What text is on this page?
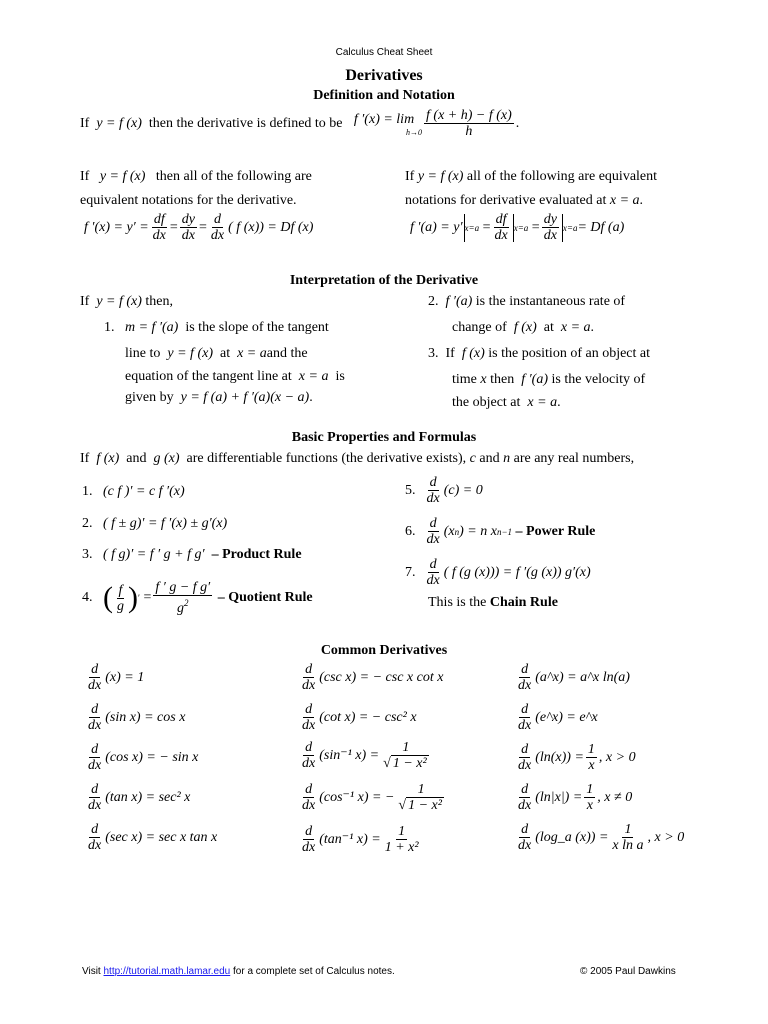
Calculus Cheat Sheet
Derivatives
Definition and Notation
If
y = f (x)
then the derivative is defined to be
f ′(x) = lim
$h\to 0 \frac{f (x + h) - f (x)}{h}$ .
If y = f (x) then all of the following are
equivalent notations for the derivative.
f $'(x) = y' = \frac{df}{dx} = \frac{dy}{dx} = \frac{d}{dx}$ ( f (x)) = Df (x)
If y = f (x) all of the following are equivalent
notations for derivative evaluated at x = a.
f ′(a) = y′ $x=a = \frac{df}{dx} x=a = \frac{dy}{dx} x=a = Df$ (a)
Interpretation of the Derivative
If y = f (x) then,
1. m = f ′(a) is the slope of the tangent
line to y = f (x) at x = aand the
equation of the tangent line at x = a is
given by y = f (a) + f ′(a)(x − a).
2. f ′(a) is the instantaneous rate of
change of f (x) at x = a.
3. If f (x) is the position of an object at
time x then f ′(a) is the velocity of
the object at x = a.
Basic Properties and Formulas
If f (x) and g (x) are differentiable functions (the derivative exists), c and n are any real numbers,
1. (c f )′ = c f ′(x)
2. ( f ± g)′ = f ′(x) ± g′(x)
3. ( f g)′ = f ′ g + f g′ – Product Rule
4.
( $\frac{f}{g}$ ) ′
= $\frac{\text{f ′ g − f g′}}{g^2}$
– Quotient Rule
5.
$\frac{d}{dx} (c) = 0$
6.
$\frac{d}{dx} (x$ n ) = n x n−1
– Power Rule
7.
$\frac{d}{dx}$ ( f (g (x))) = f ′(g (x)) g′(x)
This is the Chain Rule
Common Derivatives
$\frac{d}{dx} (x) = 1$
$\frac{d}{dx} (\sin$ x) = cos x
$\frac{d}{dx} (\cos$ x) = − sin x
$\frac{d}{dx} (\tan$ x) = sec² x
$\frac{d}{dx} (\sec$ x) = sec x tan x
$\frac{d}{dx} (\csc$ x) = − csc x cot x
$\frac{d}{dx} (\cot$ x) = − csc² x
$\frac{d}{dx} (\sin^{-1}$ $x) = \frac{1}{\text{√ 1 − x²}}$
$\frac{d}{dx} (\cos^{-1}$ x) = − $\frac{1}{\text{√ 1 − x²}}$
$\frac{d}{dx} (\tan^{-1}$ $x) = \frac{1}{\text{1 + x²}}$
$\frac{d}{dx}$ (a^x) = a^x ln(a)
$\frac{d}{dx}$ (e^x) = e^x
$\frac{d}{dx} (\ln(x)) = \frac{1}{x}$ , x > 0
$\frac{d}{dx} (\ln|x|) = \frac{1}{x}$ , x ≠ 0
$\frac{d}{dx}$ (log_a $(x)) = \frac{1}{\text{x ln a}}$ , x > 0
Visit http://tutorial.math.lamar.edu for a complete set of Calculus notes.	© 2005 Paul Dawkins
